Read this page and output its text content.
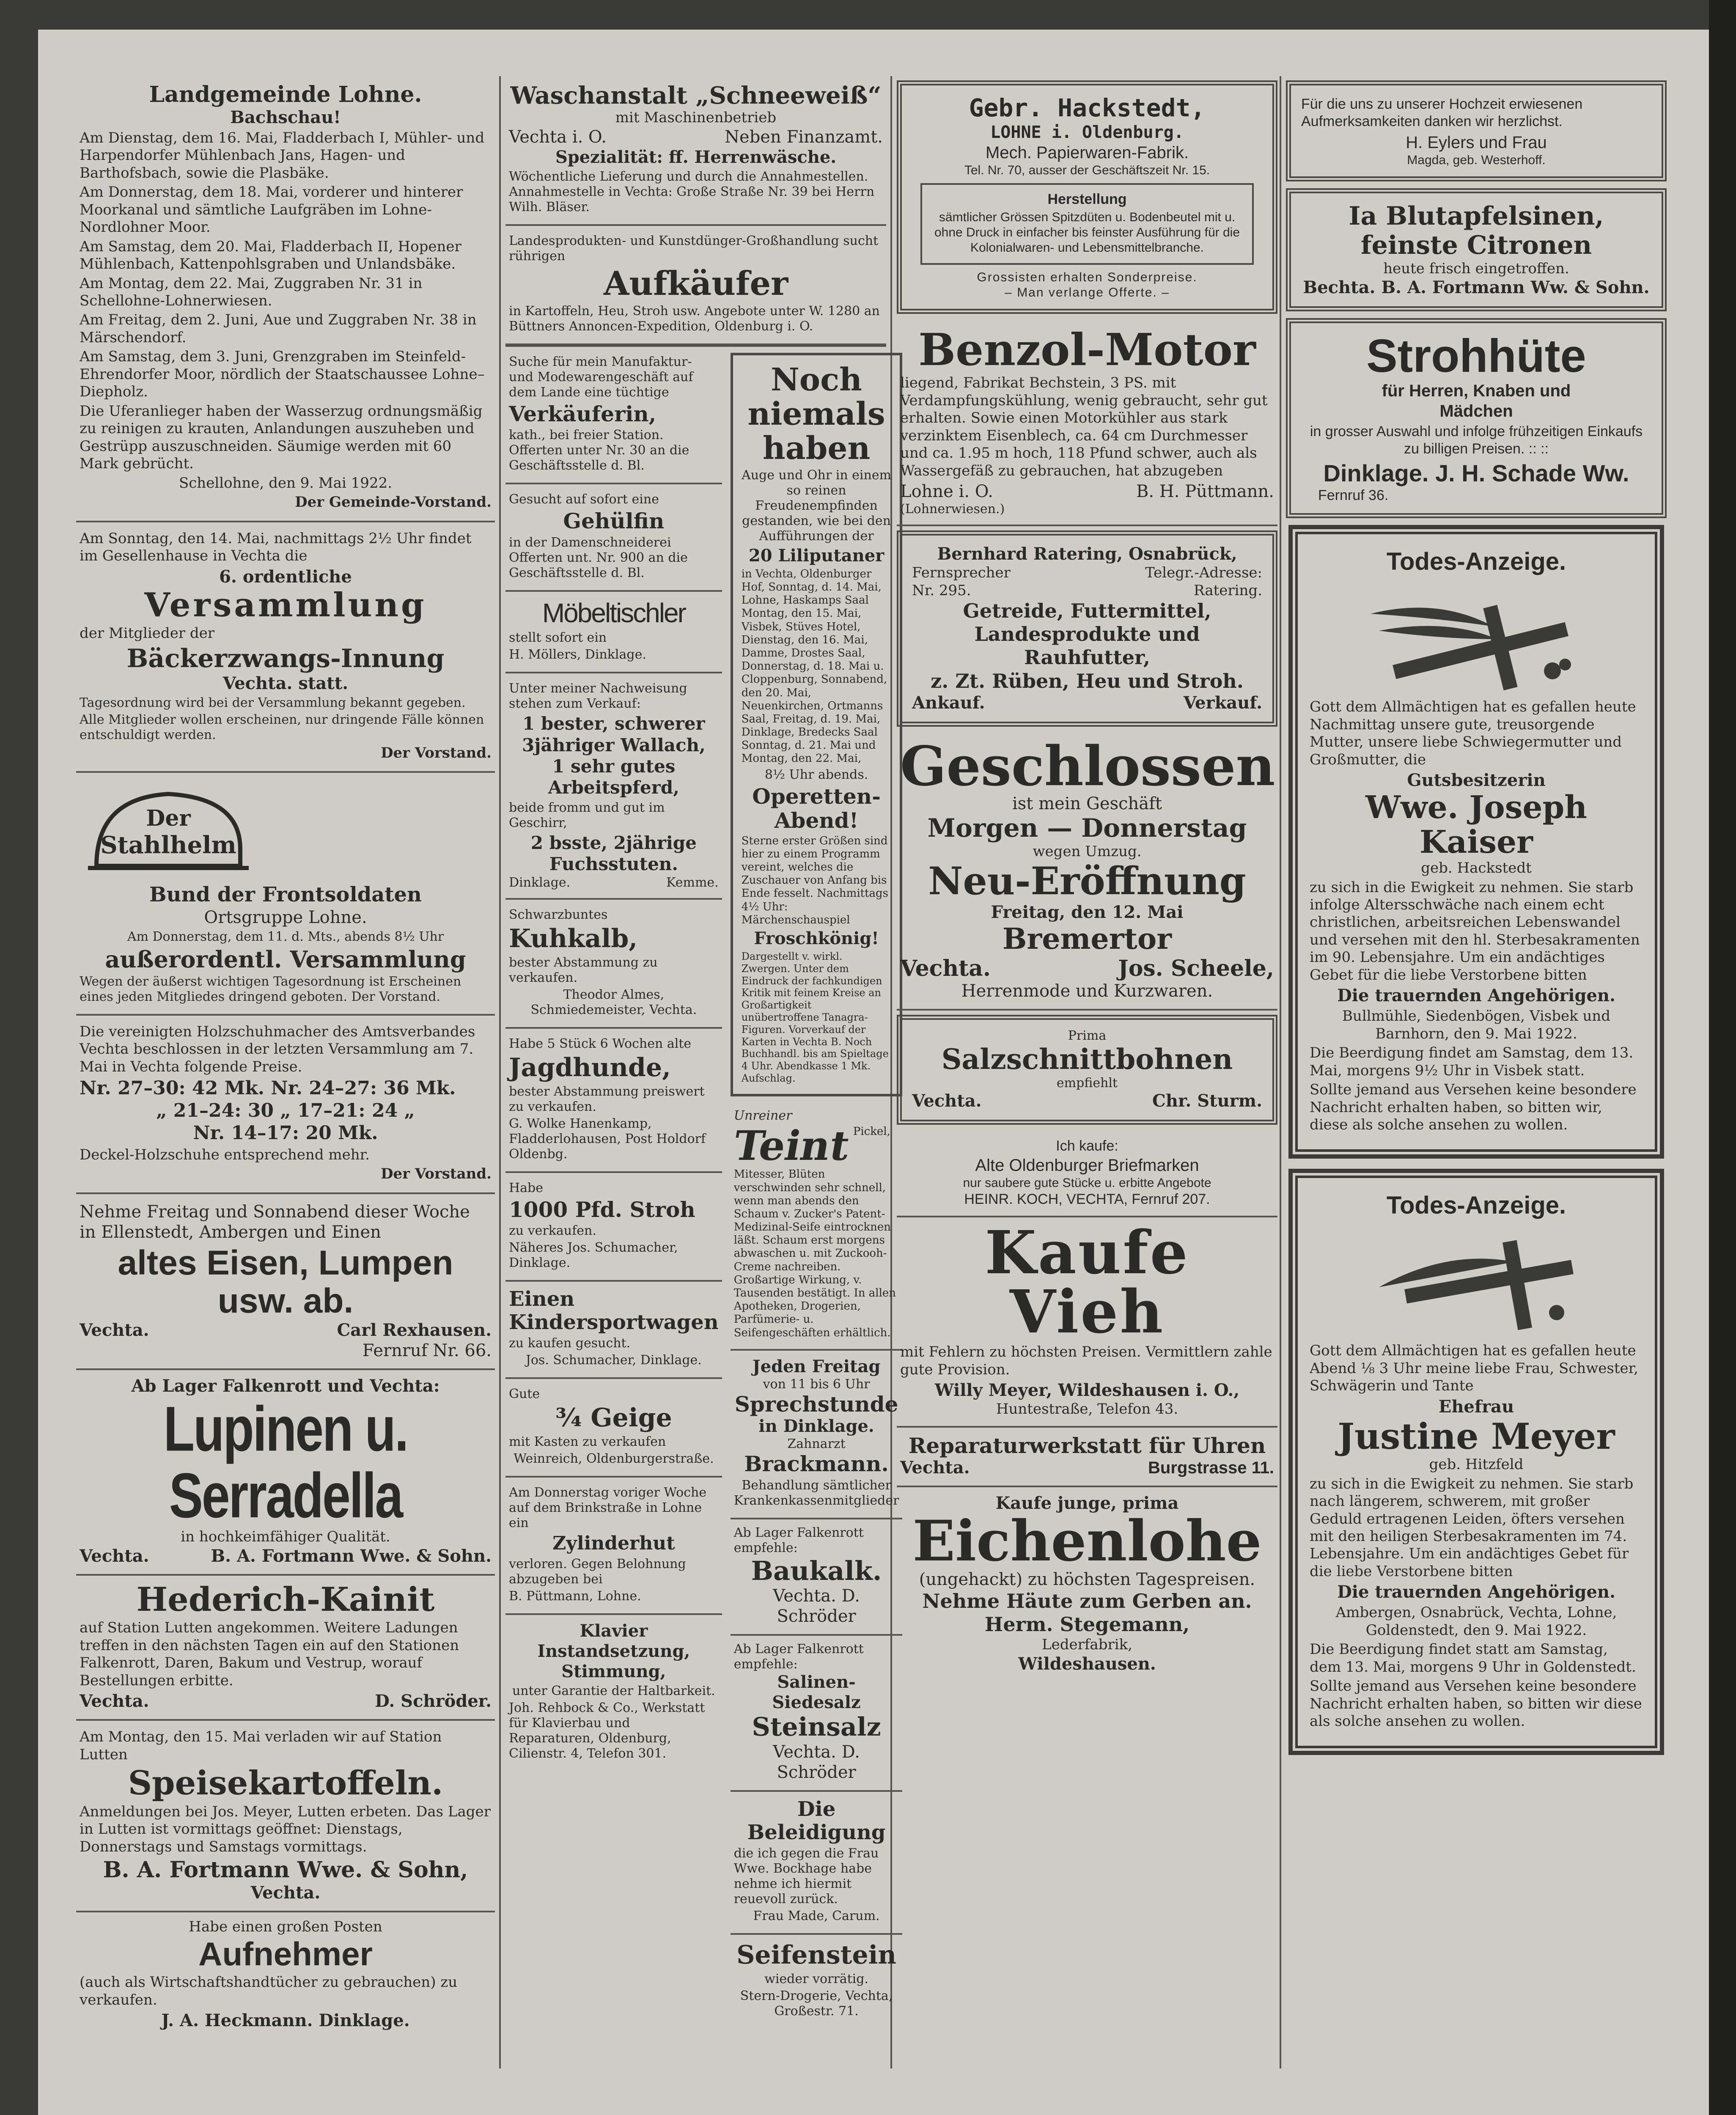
Landgemeinde Lohne.
Bachschau!

Am Dienstag, dem 16. Mai, Fladderbach I, Mühler- und Harpendorfer Mühlenbach Jans, Hagen- und Barthofsbach, sowie die Plasbäke.

Am Donnerstag, dem 18. Mai, vorderer und hinterer Moorkanal und sämtliche Laufgräben im Lohne-Nordlohner Moor.

Am Samstag, dem 20. Mai, Fladderbach II, Hopener Mühlenbach, Kattenpohlsgraben und Unlandsbäke.

Am Montag, dem 22. Mai, Zuggraben Nr. 31 in Schellohne-Lohnerwiesen.

Am Freitag, dem 2. Juni, Aue und Zuggraben Nr. 38 in Märschendorf.

Am Samstag, dem 3. Juni, Grenzgraben im Steinfeld-Ehrendorfer Moor, nördlich der Staatschaussee Lohne–Diepholz.

Die Uferanlieger haben der Wasserzug ordnungsmäßig zu reinigen zu krauten, Anlandungen auszuheben und Gestrüpp auszuschneiden. Säumige werden mit 60 Mark gebrücht.

Schellohne, den 9. Mai 1922.

Der Gemeinde-Vorstand.

Am Sonntag, den 14. Mai, nachmittags 2½ Uhr findet im Gesellenhause in Vechta die

6. ordentliche
Versammlung

der Mitglieder der

Bäckerzwangs-Innung
Vechta. statt.

Tagesordnung wird bei der Versammlung bekannt gegeben.

Alle Mitglieder wollen erscheinen, nur dringende Fälle können entschuldigt werden.

Der Vorstand.

Der
Stahlhelm
Bund der Frontsoldaten
Ortsgruppe Lohne.

Am Donnerstag, dem 11. d. Mts., abends 8½ Uhr

außerordentl. Versammlung

Wegen der äußerst wichtigen Tagesordnung ist Erscheinen eines jeden Mitgliedes dringend geboten. Der Vorstand.

Die vereinigten Holzschuhmacher des Amtsverbandes Vechta beschlossen in der letzten Versammlung am 7. Mai in Vechta folgende Preise.

Nr. 27–30: 42 Mk. Nr. 24–27: 36 Mk.
„ 21–24: 30 „ 17–21: 24 „
Nr. 14–17: 20 Mk.

Deckel-Holzschuhe entsprechend mehr.

Der Vorstand.

Nehme Freitag und Sonnabend dieser Woche in Ellenstedt, Ambergen und Einen

altes Eisen, Lumpen
usw. ab.
Vechta.	Carl Rexhausen.
Fernruf Nr. 66.
Ab Lager Falkenrott und Vechta:
Lupinen u. Serradella
in hochkeimfähiger Qualität.
Vechta.	B. A. Fortmann Wwe. & Sohn.
Hederich-Kainit

auf Station Lutten angekommen. Weitere Ladungen treffen in den nächsten Tagen ein auf den Stationen Falkenrott, Daren, Bakum und Vestrup, worauf Bestellungen erbitte.

Vechta.	D. Schröder.

Am Montag, den 15. Mai verladen wir auf Station Lutten

Speisekartoffeln.

Anmeldungen bei Jos. Meyer, Lutten erbeten. Das Lager in Lutten ist vormittags geöffnet: Dienstags, Donnerstags und Samstags vormittags.

B. A. Fortmann Wwe. & Sohn,
Vechta.
Habe einen großen Posten
Aufnehmer

(auch als Wirtschaftshandtücher zu gebrauchen) zu verkaufen.

J. A. Heckmann. Dinklage.
Waschanstalt „Schneeweiß“
mit Maschinenbetrieb
Vechta i. O.	Neben Finanzamt.
Spezialität: ff. Herrenwäsche.

Wöchentliche Lieferung und durch die Annahmestellen. Annahmestelle in Vechta: Große Straße Nr. 39 bei Herrn Wilh. Bläser.

Landesprodukten- und Kunstdünger-Großhandlung sucht rührigen

Aufkäufer

in Kartoffeln, Heu, Stroh usw. Angebote unter W. 1280 an Büttners Annoncen-Expedition, Oldenburg i. O.

Suche für mein Manufaktur- und Modewarengeschäft auf dem Lande eine tüchtige

Verkäuferin,

kath., bei freier Station. Offerten unter Nr. 30 an die Geschäftsstelle d. Bl.

Gesucht auf sofort eine

Gehülfin

in der Damenschneiderei Offerten unt. Nr. 900 an die Geschäftsstelle d. Bl.

Möbeltischler

stellt sofort ein

H. Möllers, Dinklage.

Unter meiner Nachweisung stehen zum Verkauf:

1 bester, schwerer 3jähriger Wallach,
1 sehr gutes Arbeitspferd,

beide fromm und gut im Geschirr,

2 bsste, 2jährige Fuchsstuten.
Dinklage.	Kemme.

Schwarzbuntes

Kuhkalb,

bester Abstammung zu verkaufen.

Theodor Almes, Schmiedemeister, Vechta.

Habe 5 Stück 6 Wochen alte

Jagdhunde,

bester Abstammung preiswert zu verkaufen.

G. Wolke Hanenkamp, Fladderlohausen, Post Holdorf Oldenbg.

Habe

1000 Pfd. Stroh

zu verkaufen.

Näheres Jos. Schumacher, Dinklage.

Einen Kindersportwagen

zu kaufen gesucht.

Jos. Schumacher, Dinklage.

Gute

¾ Geige

mit Kasten zu verkaufen

Weinreich, Oldenburgerstraße.

Am Donnerstag voriger Woche auf dem Brinkstraße in Lohne ein

Zylinderhut

verloren. Gegen Belohnung abzugeben bei

B. Püttmann, Lohne.

Klavier Instandsetzung, Stimmung,

unter Garantie der Haltbarkeit.

Joh. Rehbock & Co., Werkstatt für Klavierbau und Reparaturen, Oldenburg, Cilienstr. 4, Telefon 301.

Noch niemals haben

Auge und Ohr in einem so reinen Freudenempfinden gestanden, wie bei den Aufführungen der

20 Liliputaner

in Vechta, Oldenburger Hof, Sonntag, d. 14. Mai, Lohne, Haskamps Saal Montag, den 15. Mai, Visbek, Stüves Hotel, Dienstag, den 16. Mai, Damme, Drostes Saal, Donnerstag, d. 18. Mai u. Cloppenburg, Sonnabend, den 20. Mai, Neuenkirchen, Ortmanns Saal, Freitag, d. 19. Mai, Dinklage, Bredecks Saal Sonntag, d. 21. Mai und Montag, den 22. Mai,

8½ Uhr abends.

Operetten-Abend!

Sterne erster Größen sind hier zu einem Programm vereint, welches die Zuschauer von Anfang bis Ende fesselt. Nachmittags 4½ Uhr: Märchenschauspiel

Froschkönig!

Dargestellt v. wirkl. Zwergen. Unter dem Eindruck der fachkundigen Kritik mit feinem Kreise an Großartigkeit unübertroffene Tanagra-Figuren. Vorverkauf der Karten in Vechta B. Noch Buchhandl. bis am Spieltage 4 Uhr. Abendkasse 1 Mk. Aufschlag.

Unreiner
Teint Pickel, Mitesser, Blüten verschwinden sehr schnell, wenn man abends den Schaum v. Zucker's Patent-Medizinal-Seife eintrocknen läßt. Schaum erst morgens abwaschen u. mit Zuckooh-Creme nachreiben. Großartige Wirkung, v. Tausenden bestätigt. In allen Apotheken, Drogerien, Parfümerie- u. Seifengeschäften erhältlich.

Jeden Freitag
von 11 bis 6 Uhr
Sprechstunde
in Dinklage.
Zahnarzt
Brackmann.

Behandlung sämtlicher Krankenkassenmitglieder

Ab Lager Falkenrott empfehle:
Baukalk.
Vechta. D. Schröder
Ab Lager Falkenrott empfehle:
Salinen-Siedesalz
Steinsalz
Vechta. D. Schröder
Die Beleidigung

die ich gegen die Frau Wwe. Bockhage habe nehme ich hiermit reuevoll zurück.

Frau Made, Carum.

Seifenstein

wieder vorrätig.

Stern-Drogerie, Vechta, Großestr. 71.

Gebr. Hackstedt,
LOHNE i. Oldenburg.
Mech. Papierwaren-Fabrik.
Tel. Nr. 70, ausser der Geschäftszeit Nr. 15.
Herstellung

sämtlicher Grössen Spitzdüten u. Bodenbeutel mit u. ohne Druck in einfacher bis feinster Ausführung für die Kolonialwaren- und Lebensmittelbranche.

Grossisten erhalten Sonderpreise.
– Man verlange Offerte. –
Benzol-Motor

liegend, Fabrikat Bechstein, 3 PS. mit Verdampfungskühlung, wenig gebraucht, sehr gut erhalten. Sowie einen Motorkühler aus stark verzinktem Eisenblech, ca. 64 cm Durchmesser und ca. 1.95 m hoch, 118 Pfund schwer, auch als Wassergefäß zu gebrauchen, hat abzugeben

Lohne i. O.	B. H. Püttmann.
(Lohnerwiesen.)
Bernhard Ratering, Osnabrück,
Fernsprecher	Telegr.-Adresse:
Nr. 295.	Ratering.
Getreide, Futtermittel,
Landesprodukte und Rauhfutter,
z. Zt. Rüben, Heu und Stroh.
Ankauf.	Verkauf.
Geschlossen
ist mein Geschäft
Morgen — Donnerstag
wegen Umzug.
Neu-Eröffnung
Freitag, den 12. Mai
Bremertor
Vechta.	Jos. Scheele,
Herrenmode und Kurzwaren.
Prima
Salzschnittbohnen
empfiehlt
Vechta.	Chr. Sturm.
Ich kaufe:
Alte Oldenburger Briefmarken
nur saubere gute Stücke u. erbitte Angebote
HEINR. KOCH, VECHTA, Fernruf 207.
Kaufe Vieh

mit Fehlern zu höchsten Preisen. Vermittlern zahle gute Provision.

Willy Meyer, Wildeshausen i. O.,
Huntestraße, Telefon 43.
Reparaturwerkstatt für Uhren
Vechta.	Burgstrasse 11.
Kaufe junge, prima
Eichenlohe
(ungehackt) zu höchsten Tagespreisen.
Nehme Häute zum Gerben an.
Herm. Stegemann,
Lederfabrik,
Wildeshausen.

Für die uns zu unserer Hochzeit erwiesenen Aufmerksamkeiten danken wir herzlichst.

H. Eylers und Frau
Magda, geb. Westerhoff.
Ia Blutapfelsinen,
feinste Citronen
heute frisch eingetroffen.
Bechta. B. A. Fortmann Ww. & Sohn.
Strohhüte
für Herren, Knaben und
Mädchen

in grosser Auswahl und infolge frühzeitigen Einkaufs zu billigen Preisen. :: ::

Dinklage. J. H. Schade Ww.
Fernruf 36.
Todes-Anzeige.

Gott dem Allmächtigen hat es gefallen heute Nachmittag unsere gute, treusorgende Mutter, unsere liebe Schwiegermutter und Großmutter, die

Gutsbesitzerin
Wwe. Joseph Kaiser
geb. Hackstedt

zu sich in die Ewigkeit zu nehmen. Sie starb infolge Altersschwäche nach einem echt christlichen, arbeitsreichen Lebenswandel und versehen mit den hl. Sterbesakramenten im 90. Lebensjahre. Um ein andächtiges Gebet für die liebe Verstorbene bitten

Die trauernden Angehörigen.

Bullmühle, Siedenbögen, Visbek und Barnhorn, den 9. Mai 1922.

Die Beerdigung findet am Samstag, dem 13. Mai, morgens 9½ Uhr in Visbek statt.

Sollte jemand aus Versehen keine besondere Nachricht erhalten haben, so bitten wir, diese als solche ansehen zu wollen.

Todes-Anzeige.

Gott dem Allmächtigen hat es gefallen heute Abend ⅛ 3 Uhr meine liebe Frau, Schwester, Schwägerin und Tante

Ehefrau
Justine Meyer
geb. Hitzfeld

zu sich in die Ewigkeit zu nehmen. Sie starb nach längerem, schwerem, mit großer Geduld ertragenen Leiden, öfters versehen mit den heiligen Sterbesakramenten im 74. Lebensjahre. Um ein andächtiges Gebet für die liebe Verstorbene bitten

Die trauernden Angehörigen.

Ambergen, Osnabrück, Vechta, Lohne, Goldenstedt, den 9. Mai 1922.

Die Beerdigung findet statt am Samstag, dem 13. Mai, morgens 9 Uhr in Goldenstedt.

Sollte jemand aus Versehen keine besondere Nachricht erhalten haben, so bitten wir diese als solche ansehen zu wollen.
